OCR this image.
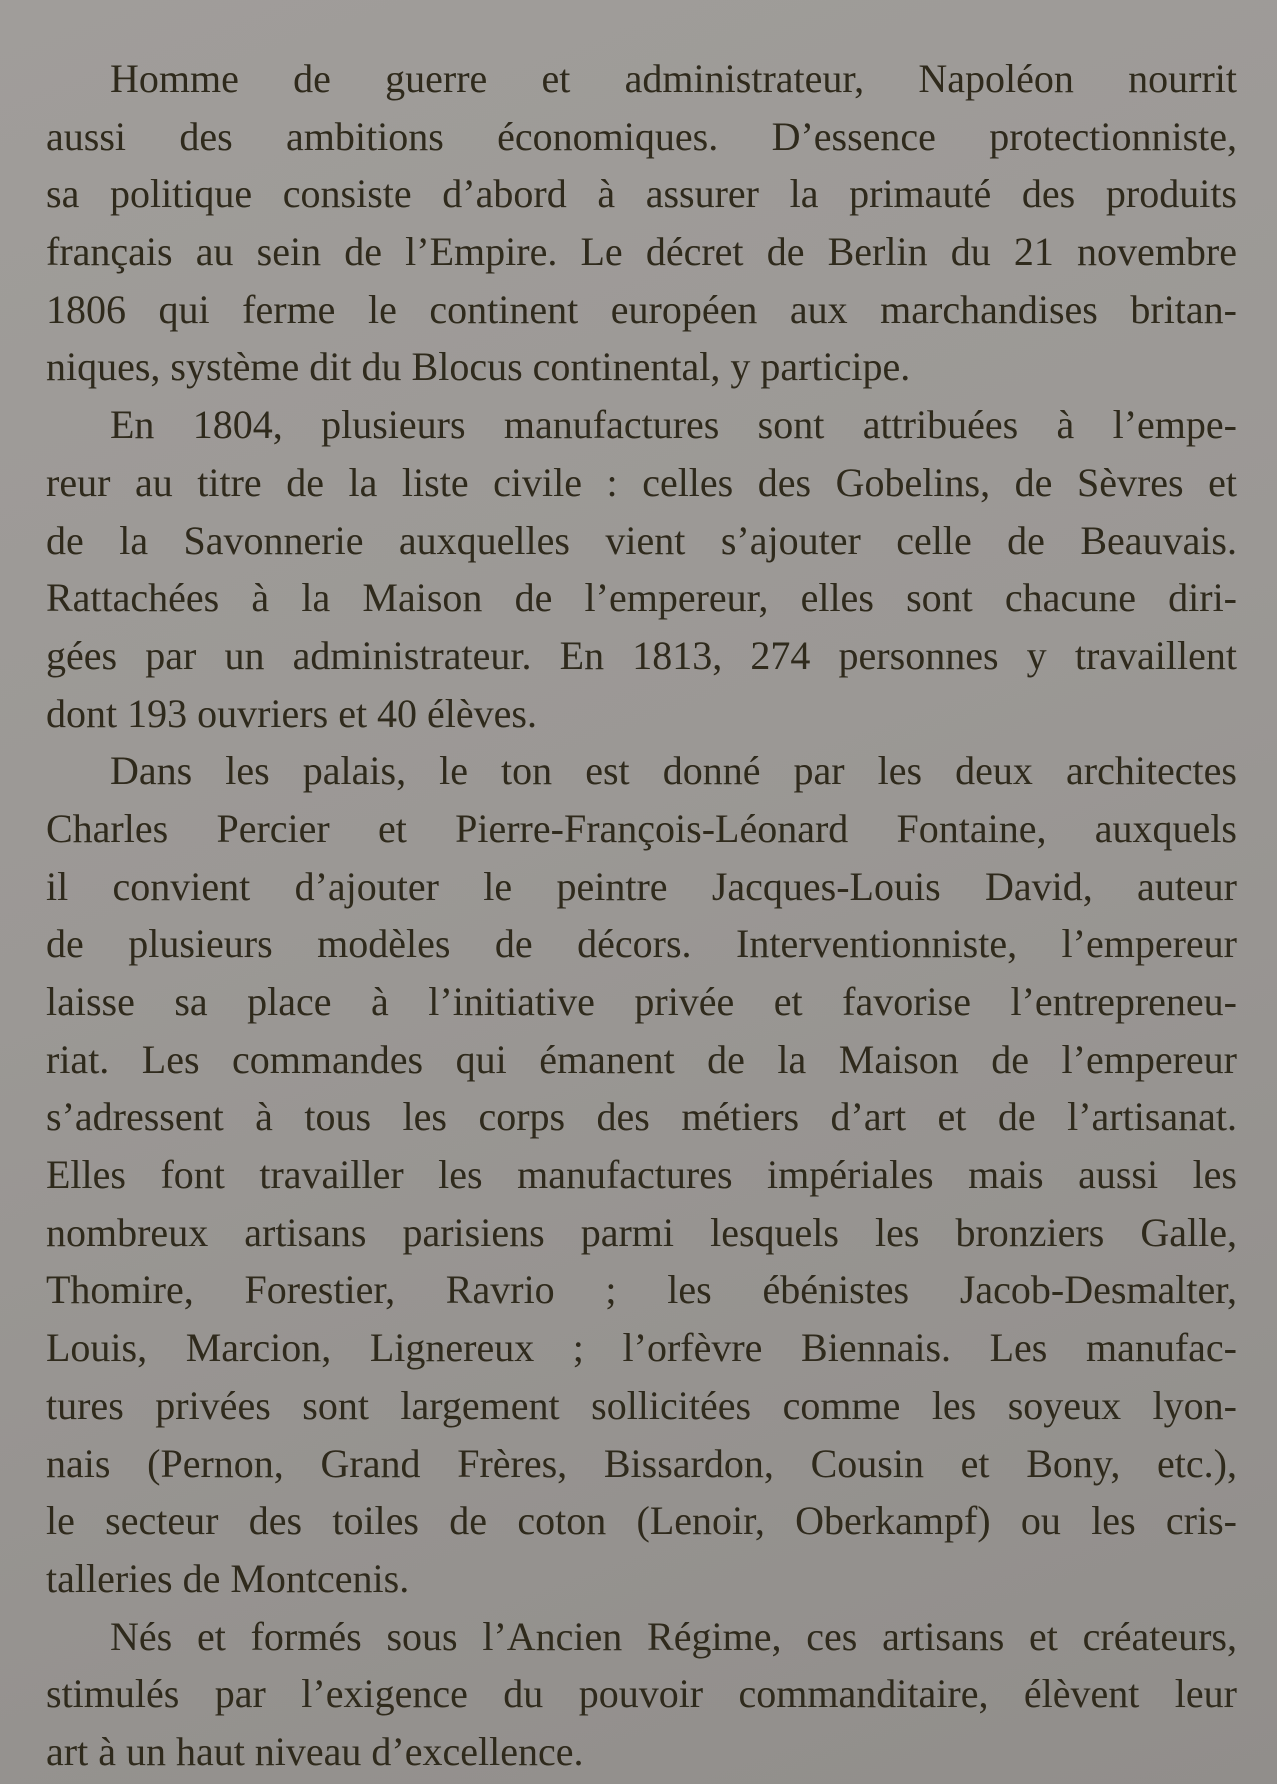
Homme de guerre et administrateur, Napoléon nourrit
aussi des ambitions économiques. D’essence protectionniste,
sa politique consiste d’abord à assurer la primauté des produits
français au sein de l’Empire. Le décret de Berlin du 21 novembre
1806 qui ferme le continent européen aux marchandises britan-
niques, système dit du Blocus continental, y participe.
En 1804, plusieurs manufactures sont attribuées à l’empe-
reur au titre de la liste civile : celles des Gobelins, de Sèvres et
de la Savonnerie auxquelles vient s’ajouter celle de Beauvais.
Rattachées à la Maison de l’empereur, elles sont chacune diri-
gées par un administrateur. En 1813, 274 personnes y travaillent
dont 193 ouvriers et 40 élèves.
Dans les palais, le ton est donné par les deux architectes
Charles Percier et Pierre-François-Léonard Fontaine, auxquels
il convient d’ajouter le peintre Jacques-Louis David, auteur
de plusieurs modèles de décors. Interventionniste, l’empereur
laisse sa place à l’initiative privée et favorise l’entrepreneu-
riat. Les commandes qui émanent de la Maison de l’empereur
s’adressent à tous les corps des métiers d’art et de l’artisanat.
Elles font travailler les manufactures impériales mais aussi les
nombreux artisans parisiens parmi lesquels les bronziers Galle,
Thomire, Forestier, Ravrio ; les ébénistes Jacob-Desmalter,
Louis, Marcion, Lignereux ; l’orfèvre Biennais. Les manufac-
tures privées sont largement sollicitées comme les soyeux lyon-
nais (Pernon, Grand Frères, Bissardon, Cousin et Bony, etc.),
le secteur des toiles de coton (Lenoir, Oberkampf) ou les cris-
talleries de Montcenis.
Nés et formés sous l’Ancien Régime, ces artisans et créateurs,
stimulés par l’exigence du pouvoir commanditaire, élèvent leur
art à un haut niveau d’excellence.
